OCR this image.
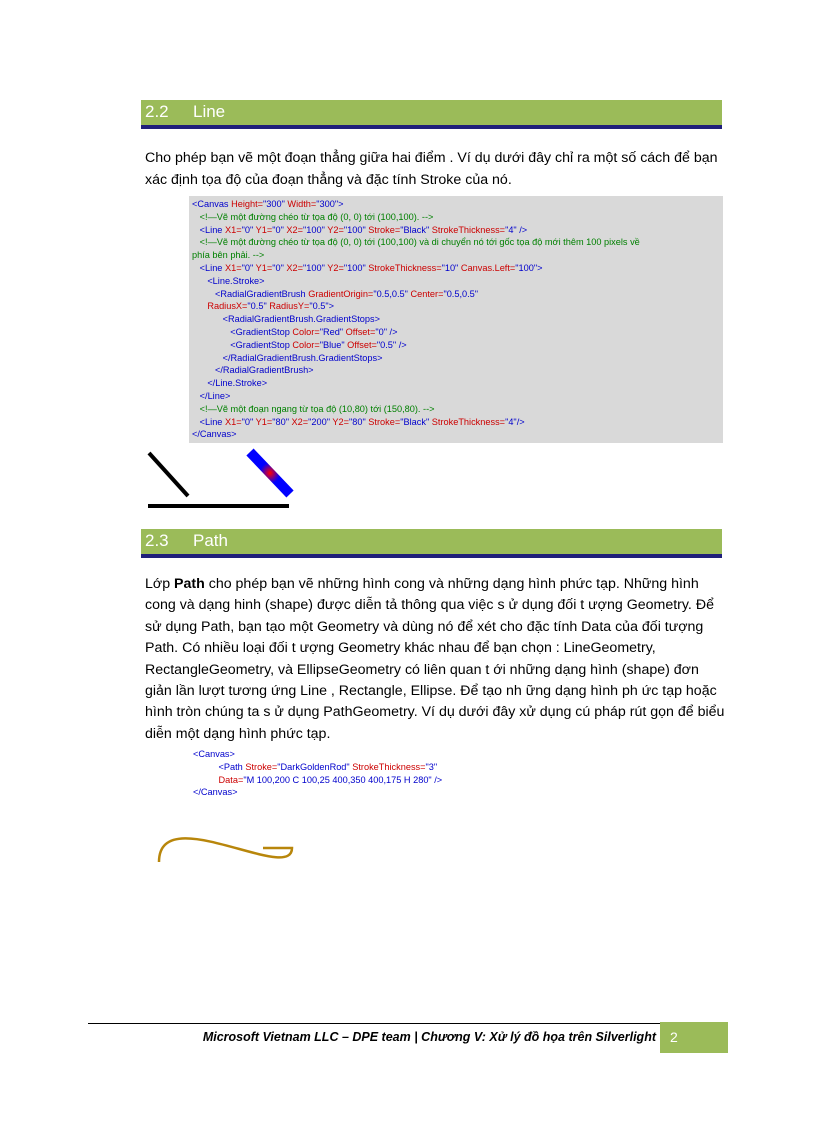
2.2 Line

Cho phép bạn vẽ một đoạn thẳng giữa hai điểm . Ví dụ dưới đây chỉ ra một số cách để bạn xác định tọa độ của đoạn thẳng và đặc tính Stroke của nó.

<Canvas Height="300" Width="300">
<!—Vẽ một đường chéo từ tọa độ (0, 0) tới (100,100). -->
<Line X1="0" Y1="0" X2="100" Y2="100" Stroke="Black" StrokeThickness="4" />
<!—Vẽ một đường chéo từ tọa độ (0, 0) tới (100,100) và di chuyển nó tới gốc tọa độ mới thêm 100 pixels về
phía bên phải. -->
<Line X1="0" Y1="0" X2="100" Y2="100" StrokeThickness="10" Canvas.Left="100">
<Line.Stroke>
<RadialGradientBrush GradientOrigin="0.5,0.5" Center="0.5,0.5"
RadiusX="0.5" RadiusY="0.5">
<RadialGradientBrush.GradientStops>
<GradientStop Color="Red" Offset="0" />
<GradientStop Color="Blue" Offset="0.5" />
</RadialGradientBrush.GradientStops>
</RadialGradientBrush>
</Line.Stroke>
</Line>
<!—Vẽ một đoạn ngang từ tọa độ (10,80) tới (150,80). -->
<Line X1="0" Y1="80" X2="200" Y2="80" Stroke="Black" StrokeThickness="4"/>
</Canvas>
2.3 Path

Lớp Path cho phép bạn vẽ những hình cong và những dạng hình phức tạp. Những hình cong và dạng hinh (shape) được diễn tả thông qua việc s ử dụng đối t ượng Geometry. Để sử dụng Path, bạn tạo một Geometry và dùng nó để xét cho đặc tính Data của đối tượng Path. Có nhiều loại đối t ượng Geometry khác nhau để bạn chọn : LineGeometry, RectangleGeometry, và EllipseGeometry có liên quan t ới những dạng hình (shape) đơn giản lần lượt tương ứng Line , Rectangle, Ellipse. Để tạo nh ững dạng hình ph ức tạp hoặc hình tròn chúng ta s ử dụng PathGeometry. Ví dụ dưới đây xử dụng cú pháp rút gọn để biểu diễn một dạng hình phức tạp.

<Canvas>
<Path Stroke="DarkGoldenRod" StrokeThickness="3"
Data="M 100,200 C 100,25 400,350 400,175 H 280" />
</Canvas>
Microsoft Vietnam LLC – DPE team | Chương V: Xử lý đồ họa trên Silverlight	2
